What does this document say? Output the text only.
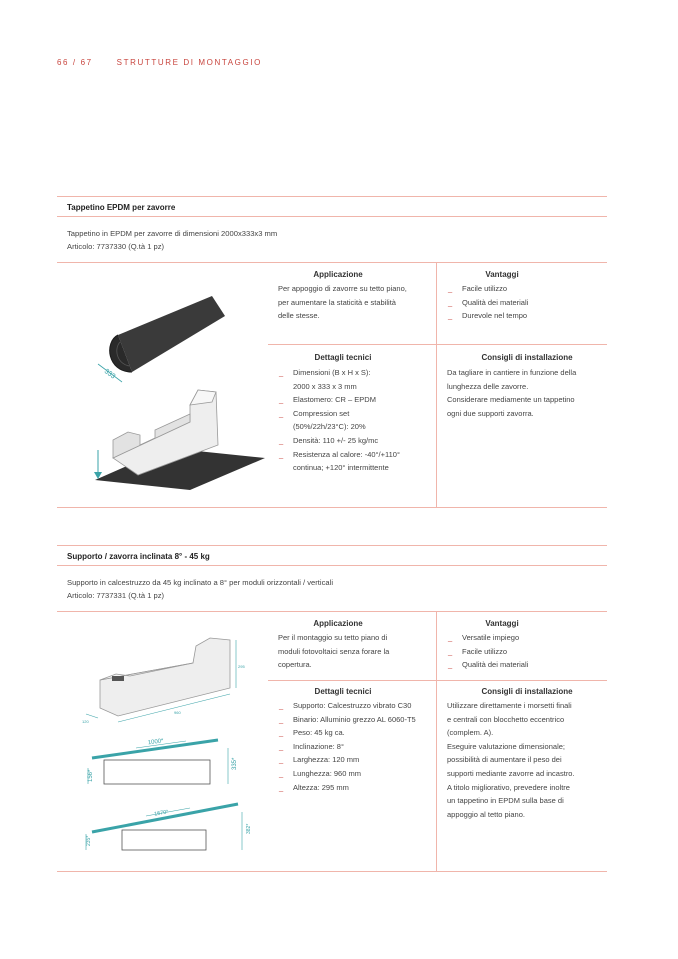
66 / 67	STRUTTURE DI MONTAGGIO
Tappetino EPDM per zavorre
Tappetino in EPDM per zavorre di dimensioni 2000x333x3 mm
Articolo: 7737330 (Q.tà 1 pz)
333
Applicazione
Per appoggio di zavorre su tetto piano,
per aumentare la staticità e stabilità
delle stesse.
Vantaggi
_ Facile utilizzo
_ Qualità dei materiali
_ Durevole nel tempo
Dettagli tecnici
_ Dimensioni (B x H x S):
2000 x 333 x 3 mm
_ Elastomero: CR – EPDM
_ Compression set
(50%/22h/23°C): 20%
_ Densità: 110 +/- 25 kg/mc
_ Resistenza al calore: -40°/+110°
continua; +120° intermittente
Consigli di installazione
Da tagliare in cantiere in funzione della
lunghezza delle zavorre.
Considerare mediamente un tappetino
ogni due supporti zavorra.
Supporto / zavorra inclinata 8° - 45 kg
Supporto in calcestruzzo da 45 kg inclinato a 8° per moduli orizzontali / verticali
Articolo: 7737331 (Q.tà 1 pz)
295
960
120
1000*
156*
335*
1670*
235*
382*
Applicazione
Per il montaggio su tetto piano di
moduli fotovoltaici senza forare la
copertura.
Vantaggi
_ Versatile impiego
_ Facile utilizzo
_ Qualità dei materiali
Dettagli tecnici
_ Supporto: Calcestruzzo vibrato C30
_ Binario: Alluminio grezzo AL 6060-T5
_ Peso: 45 kg ca.
_ Inclinazione: 8°
_ Larghezza: 120 mm
_ Lunghezza: 960 mm
_ Altezza: 295 mm
Consigli di installazione
Utilizzare direttamente i morsetti finali
e centrali con blocchetto eccentrico
(complem. A).
Eseguire valutazione dimensionale;
possibilità di aumentare il peso dei
supporti mediante zavorre ad incastro.
A titolo migliorativo, prevedere inoltre
un tappetino in EPDM sulla base di
appoggio al tetto piano.
